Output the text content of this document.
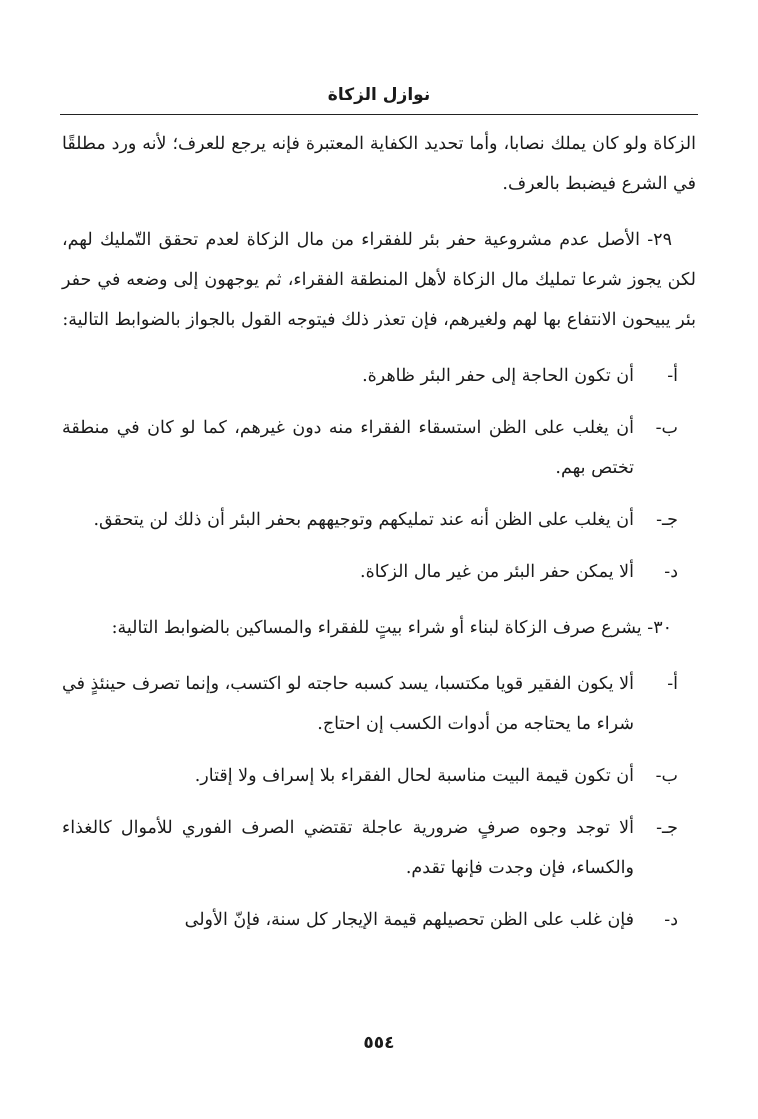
نوازل الزكاة

الزكاة ولو كان يملك نصابا، وأما تحديد الكفاية المعتبرة فإنه يرجع للعرف؛ لأنه ورد مطلقًا في الشرع فيضبط بالعرف.

٢٩- الأصل عدم مشروعية حفر بئر للفقراء من مال الزكاة لعدم تحقق التّمليك لهم، لكن يجوز شرعا تمليك مال الزكاة لأهل المنطقة الفقراء، ثم يوجهون إلى وضعه في حفر بئر يبيحون الانتفاع بها لهم ولغيرهم، فإن تعذر ذلك فيتوجه القول بالجواز بالضوابط التالية:

أ-
أن تكون الحاجة إلى حفر البئر ظاهرة.
ب-
أن يغلب على الظن استسقاء الفقراء منه دون غيرهم، كما لو كان في منطقة تختص بهم.
جـ-
أن يغلب على الظن أنه عند تمليكهم وتوجيههم بحفر البئر أن ذلك لن يتحقق.
د-
ألا يمكن حفر البئر من غير مال الزكاة.

٣٠- يشرع صرف الزكاة لبناء أو شراء بيتٍ للفقراء والمساكين بالضوابط التالية:

أ-
ألا يكون الفقير قويا مكتسبا، يسد كسبه حاجته لو اكتسب، وإنما تصرف حينئذٍ في شراء ما يحتاجه من أدوات الكسب إن احتاج.
ب-
أن تكون قيمة البيت مناسبة لحال الفقراء بلا إسراف ولا إقتار.
جـ-
ألا توجد وجوه صرفٍ ضرورية عاجلة تقتضي الصرف الفوري للأموال كالغذاء والكساء، فإن وجدت فإنها تقدم.
د-
فإن غلب على الظن تحصيلهم قيمة الإيجار كل سنة، فإنّ الأولى
٥٥٤
